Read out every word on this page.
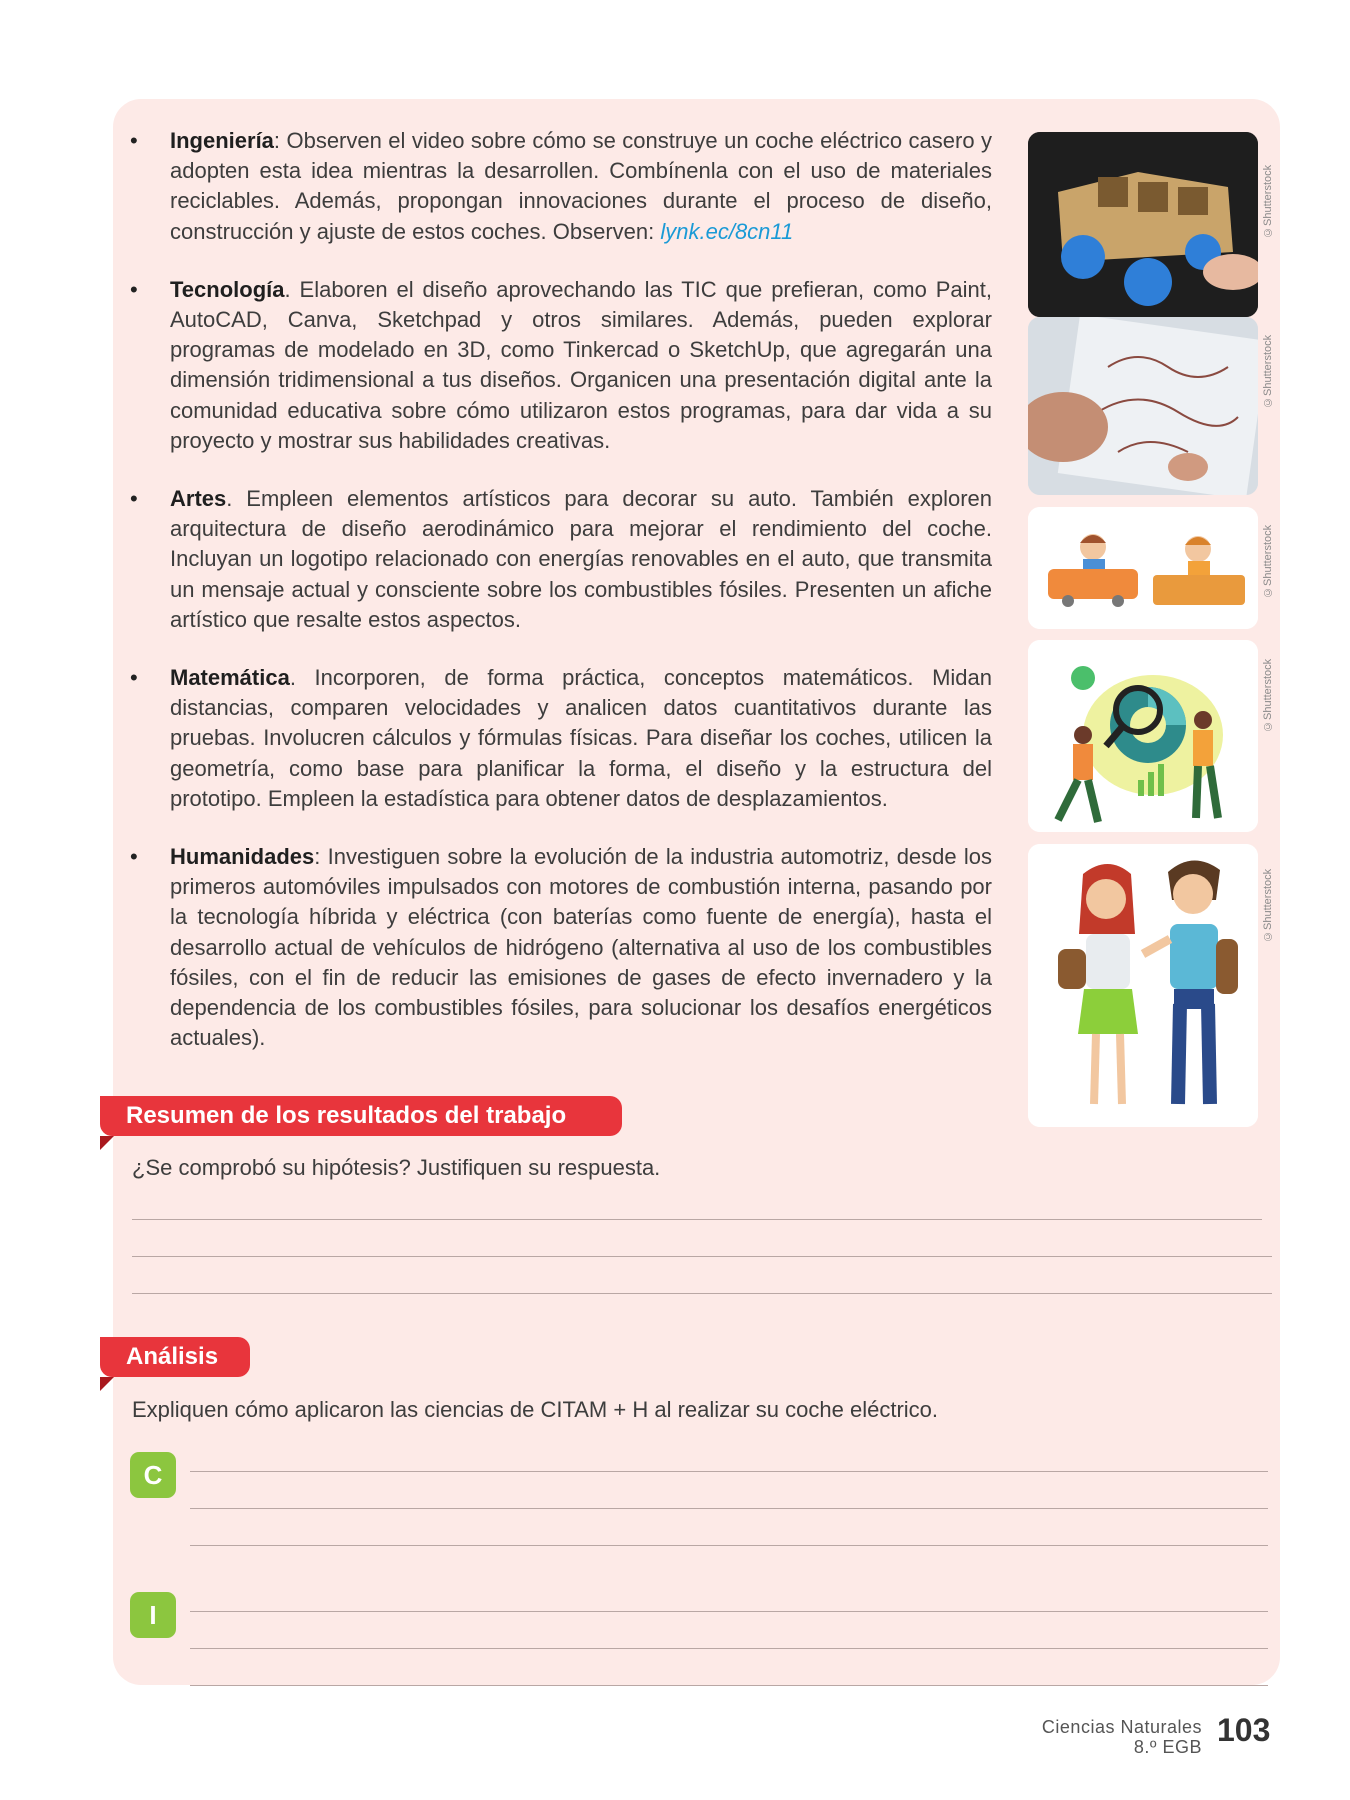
• Ingeniería: Observen el video sobre cómo se construye un coche eléctrico casero y adopten esta idea mientras la desarrollen. Combínenla con el uso de materiales reciclables. Además, propongan innovaciones durante el proceso de diseño, construcción y ajuste de estos coches. Observen: lynk.ec/8cn11
• Tecnología. Elaboren el diseño aprovechando las TIC que prefieran, como Paint, AutoCAD, Canva, Sketchpad y otros similares. Además, pueden explorar programas de modelado en 3D, como Tinkercad o SketchUp, que agregarán una dimensión tridimensional a tus diseños. Organicen una presentación digital ante la comunidad educativa sobre cómo utilizaron estos programas, para dar vida a su proyecto y mostrar sus habilidades creativas.
• Artes. Empleen elementos artísticos para decorar su auto. También exploren arquitectura de diseño aerodinámico para mejorar el rendimiento del coche. Incluyan un logotipo relacionado con energías renovables en el auto, que transmita un mensaje actual y consciente sobre los combustibles fósiles. Presenten un afiche artístico que resalte estos aspectos.
• Matemática. Incorporen, de forma práctica, conceptos matemáticos. Midan distancias, comparen velocidades y analicen datos cuantitativos durante las pruebas. Involucren cálculos y fórmulas físicas. Para diseñar los coches, utilicen la geometría, como base para planificar la forma, el diseño y la estructura del prototipo. Empleen la estadística para obtener datos de desplazamientos.
• Humanidades: Investiguen sobre la evolución de la industria automotriz, desde los primeros automóviles impulsados con motores de combustión interna, pasando por la tecnología híbrida y eléctrica (con baterías como fuente de energía), hasta el desarrollo actual de vehículos de hidrógeno (alternativa al uso de los combustibles fósiles, con el fin de reducir las emisiones de gases de efecto invernadero y la dependencia de los combustibles fósiles, para solucionar los desafíos energéticos actuales).
©Shutterstock
©Shutterstock
©Shutterstock
©Shutterstock
©Shutterstock
Resumen de los resultados del trabajo
¿Se comprobó su hipótesis? Justifiquen su respuesta.
Análisis
Expliquen cómo aplicaron las ciencias de CITAM + H al realizar su coche eléctrico.
C
I
Ciencias Naturales
8.º EGB 103
